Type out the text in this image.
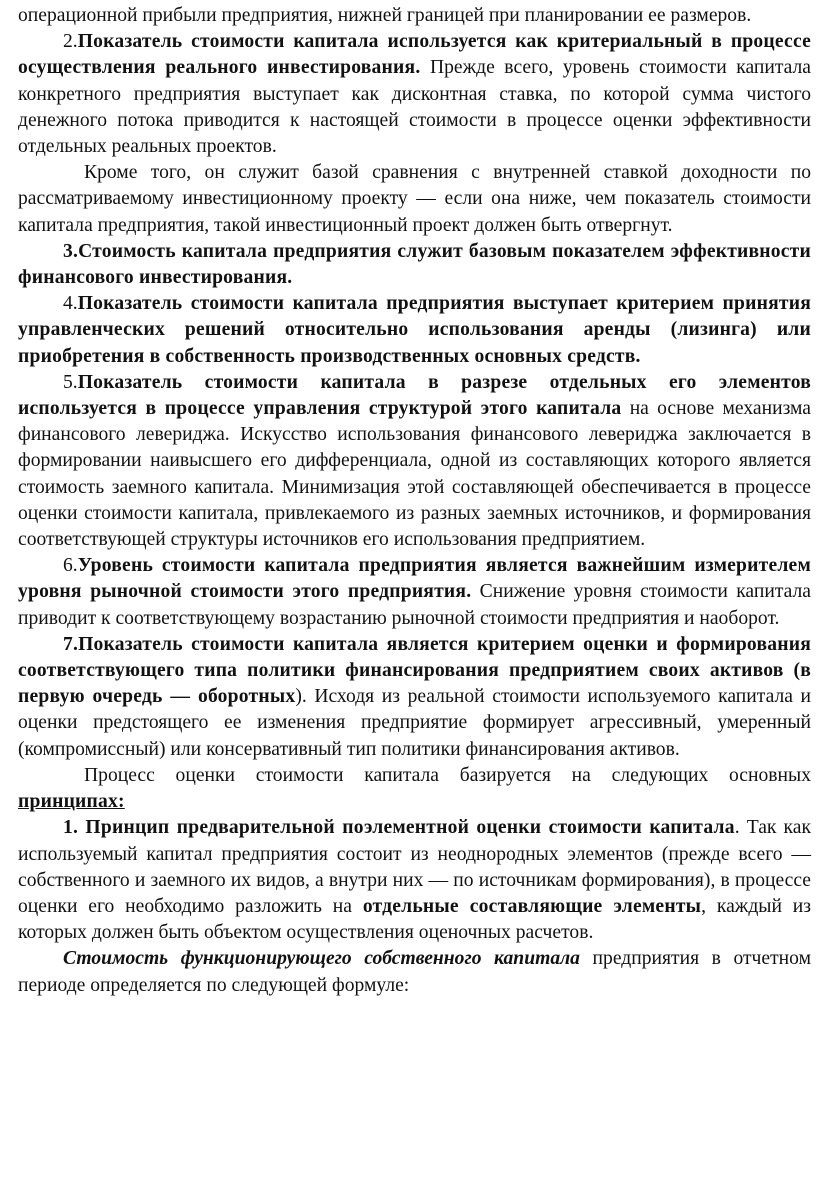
операционной прибыли предприятия, нижней границей при планировании ее размеров.

2.Показатель стоимости капитала используется как критериальный в процессе осуществления реального инвестирования. Прежде всего, уровень стоимости капитала конкретного предприятия выступает как дисконтная ставка, по которой сумма чистого денежного потока приводится к настоящей стоимости в процессе оценки эффективности отдельных реальных проектов.

Кроме того, он служит базой сравнения с внутренней ставкой доходности по рассматриваемому инвестиционному проекту — если она ниже, чем показатель стоимости капитала предприятия, такой инвестиционный проект должен быть отвергнут.

3.Стоимость капитала предприятия служит базовым показателем эффективности финансового инвестирования.

4.Показатель стоимости капитала предприятия выступает критерием принятия управленческих решений относительно использования аренды (лизинга) или приобретения в собственность производственных основных средств.

5.Показатель стоимости капитала в разрезе отдельных его элементов используется в процессе управления структурой этого капитала на основе механизма финансового левериджа. Искусство использования финансового левериджа заключается в формировании наивысшего его дифференциала, одной из составляющих которого является стоимость заемного капитала. Минимизация этой составляющей обеспечивается в процессе оценки стоимости капитала, привлекаемого из разных заемных источников, и формирования соответствующей структуры источников его использования предприятием.

6.Уровень стоимости капитала предприятия является важнейшим измерителем уровня рыночной стоимости этого предприятия. Снижение уровня стоимости капитала приводит к соответствующему возрастанию рыночной стоимости предприятия и наоборот.

7.Показатель стоимости капитала является критерием оценки и формирования соответствующего типа политики финансирования предприятием своих активов (в первую очередь — оборотных). Исходя из реальной стоимости используемого капитала и оценки предстоящего ее изменения предприятие формирует агрессивный, умеренный (компромиссный) или консервативный тип политики финансирования активов.

Процесс оценки стоимости капитала базируется на следующих основных принципах:

1. Принцип предварительной поэлементной оценки стоимости капитала. Так как используемый капитал предприятия состоит из неоднородных элементов (прежде всего — собственного и заемного их видов, а внутри них — по источникам формирования), в процессе оценки его необходимо разложить на отдельные составляющие элементы, каждый из которых должен быть объектом осуществления оценочных расчетов.

Стоимость функционирующего собственного капитала предприятия в отчетном периоде определяется по следующей формуле:
